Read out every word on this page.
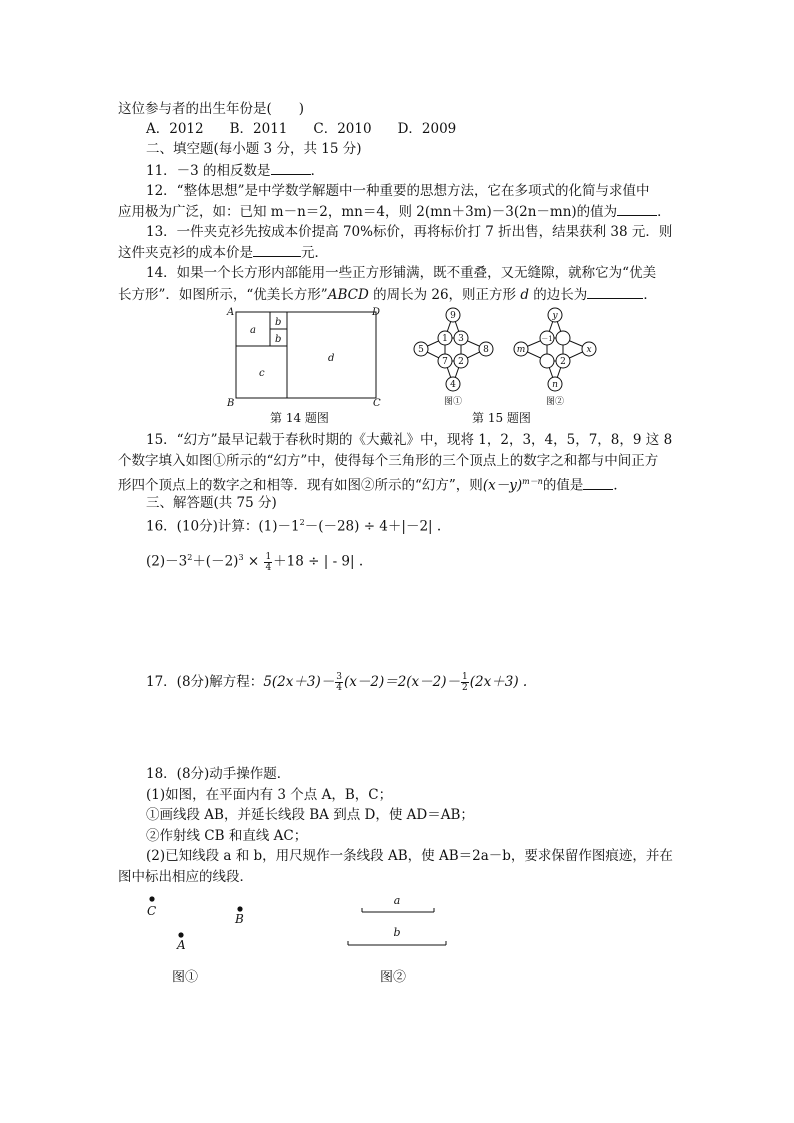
这位参与者的出生年份是(　　)
A．2012 B．2011 C．2010 D．2009
二、填空题(每小题 3 分，共 15 分)
11．－3 的相反数是	．
12．“整体思想”是中学数学解题中一种重要的思想方法，它在多项式的化简与求值中
应用极为广泛，如：已知 m－n＝2，mn＝4，则 2(mn＋3m)－3(2n－mn)的值为	．
13．一件夹克衫先按成本价提高 70%标价，再将标价打 7 折出售，结果获利 38 元．则
这件夹克衫的成本价是	元．
14．如果一个长方形内部能用一些正方形铺满，既不重叠，又无缝隙，就称它为“优美
长方形”．如图所示，“优美长方形”ABCD 的周长为 26，则正方形 d 的边长为	．
A
B	C
D
a
b
b
c
d
第 14 题图
9
1 3
5	8
7 2
4
y
－1
m	x
2
n
图①	图②
第 15 题图
15．“幻方”最早记载于春秋时期的《大戴礼》中，现将 1，2，3，4，5，7，8，9 这 8
个数字填入如图①所示的“幻方”中，使得每个三角形的三个顶点上的数字之和都与中间正方
形四个顶点上的数字之和相等．现有如图②所示的“幻方”，则$(x-y)^{m-n}$的值是 ．
三、解答题(共 75 分)
16．(10分)计算：$(1)-1^2-(-28) \div 4+|-2|$ .
$(2)-3^2+(-2)^3 \times \frac{1}{4} +18$ ÷ | - 9| .
17．(8分)解方程：$5(2x+3)- \frac{3}{4} (x-2)=2(x-2)- \frac{1}{2} (2x+3)$ .
18．(8分)动手操作题．
(1)如图，在平面内有 3 个点 A，B，C；
①画线段 AB，并延长线段 BA 到点 D，使 AD＝AB；
②作射线 CB 和直线 AC；
(2)已知线段 a 和 b，用尺规作一条线段 AB，使 AB＝2a－b，要求保留作图痕迹，并在
图中标出相应的线段．
C
B
A
a
b
图①	图②
